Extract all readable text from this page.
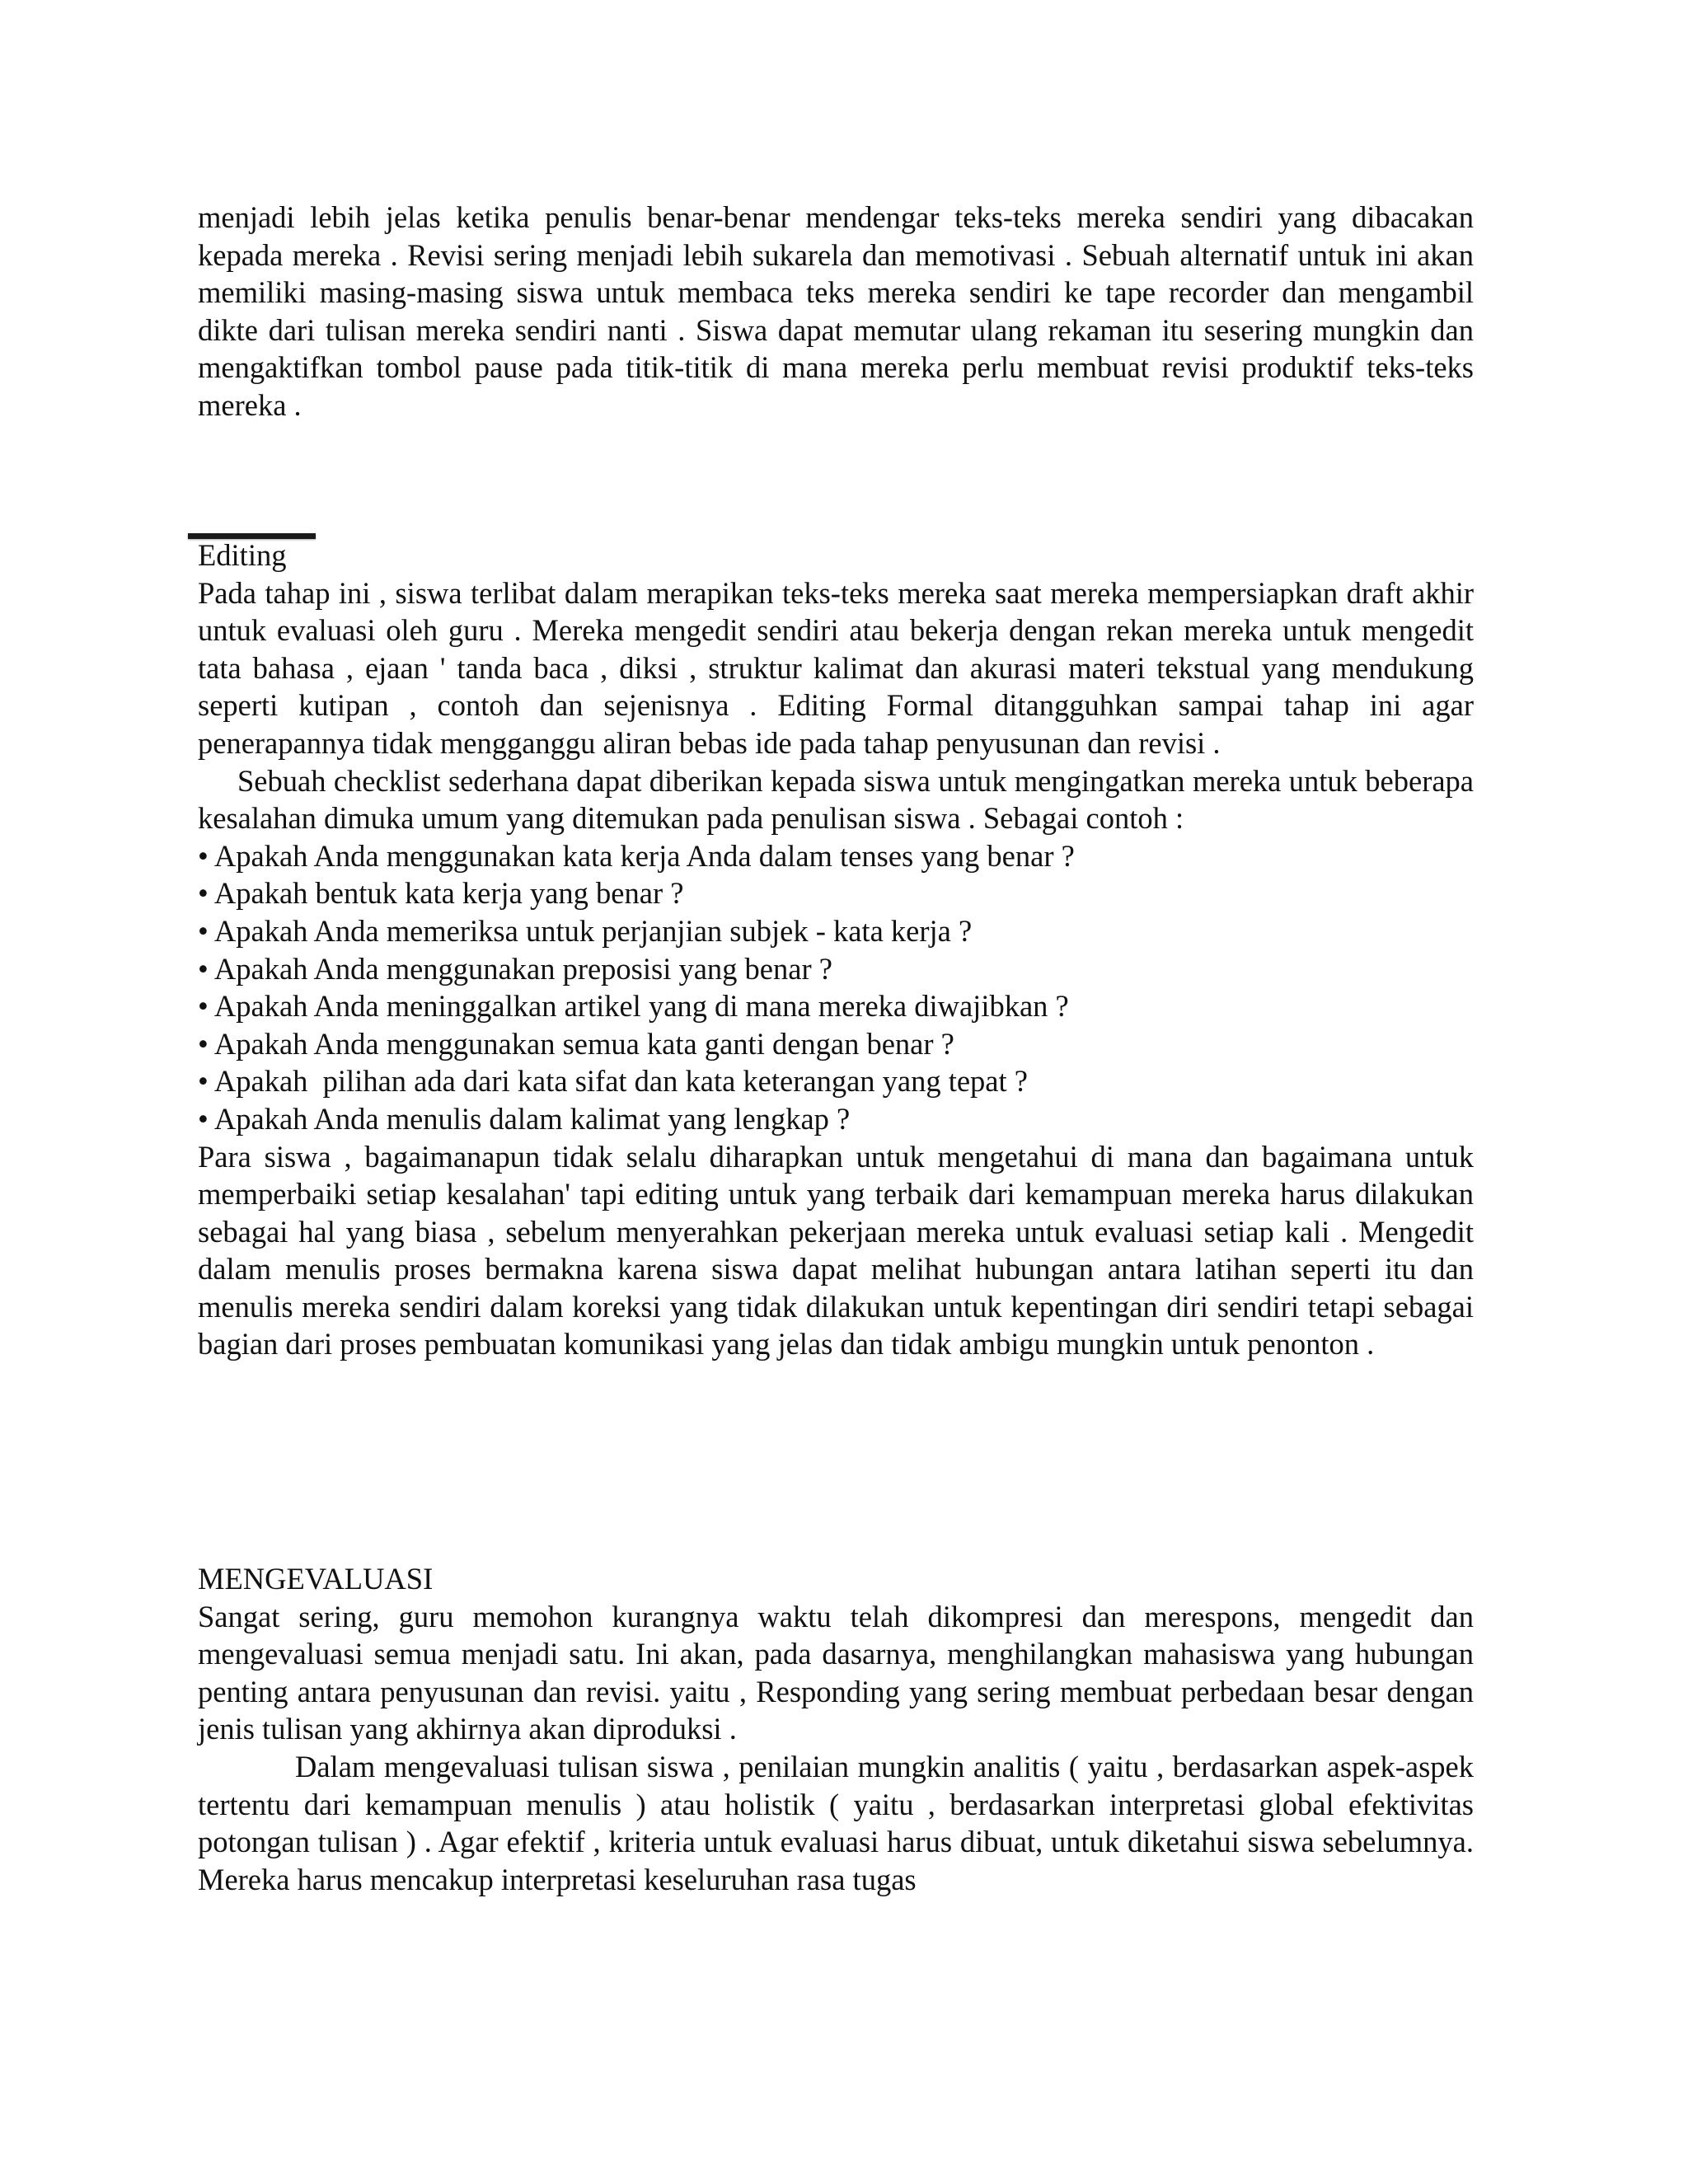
menjadi lebih jelas ketika penulis benar-benar mendengar teks-teks mereka sendiri yang dibacakan kepada mereka . Revisi sering menjadi lebih sukarela dan memotivasi . Sebuah alternatif untuk ini akan memiliki masing-masing siswa untuk membaca teks mereka sendiri ke tape recorder dan mengambil dikte dari tulisan mereka sendiri nanti . Siswa dapat memutar ulang rekaman itu sesering mungkin dan mengaktifkan tombol pause pada titik-titik di mana mereka perlu membuat revisi produktif teks-teks mereka .

Editing

Pada tahap ini , siswa terlibat dalam merapikan teks-teks mereka saat mereka mempersiapkan draft akhir untuk evaluasi oleh guru . Mereka mengedit sendiri atau bekerja dengan rekan mereka untuk mengedit tata bahasa , ejaan ' tanda baca , diksi , struktur kalimat dan akurasi materi tekstual yang mendukung seperti kutipan , contoh dan sejenisnya . Editing Formal ditangguhkan sampai tahap ini agar penerapannya tidak mengganggu aliran bebas ide pada tahap penyusunan dan revisi .

Sebuah checklist sederhana dapat diberikan kepada siswa untuk mengingatkan mereka untuk beberapa kesalahan dimuka umum yang ditemukan pada penulisan siswa . Sebagai contoh :

• Apakah Anda menggunakan kata kerja Anda dalam tenses yang benar ?
• Apakah bentuk kata kerja yang benar ?
• Apakah Anda memeriksa untuk perjanjian subjek - kata kerja ?
• Apakah Anda menggunakan preposisi yang benar ?
• Apakah Anda meninggalkan artikel yang di mana mereka diwajibkan ?
• Apakah Anda menggunakan semua kata ganti dengan benar ?
• Apakah  pilihan ada dari kata sifat dan kata keterangan yang tepat ?
• Apakah Anda menulis dalam kalimat yang lengkap ?

Para siswa , bagaimanapun tidak selalu diharapkan untuk mengetahui di mana dan bagaimana untuk memperbaiki setiap kesalahan' tapi editing untuk yang terbaik dari kemampuan mereka harus dilakukan sebagai hal yang biasa , sebelum menyerahkan pekerjaan mereka untuk evaluasi setiap kali . Mengedit dalam menulis proses bermakna karena siswa dapat melihat hubungan antara latihan seperti itu dan menulis mereka sendiri dalam koreksi yang tidak dilakukan untuk kepentingan diri sendiri tetapi sebagai bagian dari proses pembuatan komunikasi yang jelas dan tidak ambigu mungkin untuk penonton .

MENGEVALUASI

Sangat sering, guru memohon kurangnya waktu telah dikompresi dan merespons, mengedit dan mengevaluasi semua menjadi satu. Ini akan, pada dasarnya, menghilangkan mahasiswa yang hubungan penting antara penyusunan dan revisi. yaitu , Responding yang sering membuat perbedaan besar dengan jenis tulisan yang akhirnya akan diproduksi .

Dalam mengevaluasi tulisan siswa , penilaian mungkin analitis ( yaitu , berdasarkan aspek-aspek tertentu dari kemampuan menulis ) atau holistik ( yaitu , berdasarkan interpretasi global efektivitas potongan tulisan ) . Agar efektif , kriteria untuk evaluasi harus dibuat, untuk diketahui siswa sebelumnya. Mereka harus mencakup interpretasi keseluruhan rasa tugas
